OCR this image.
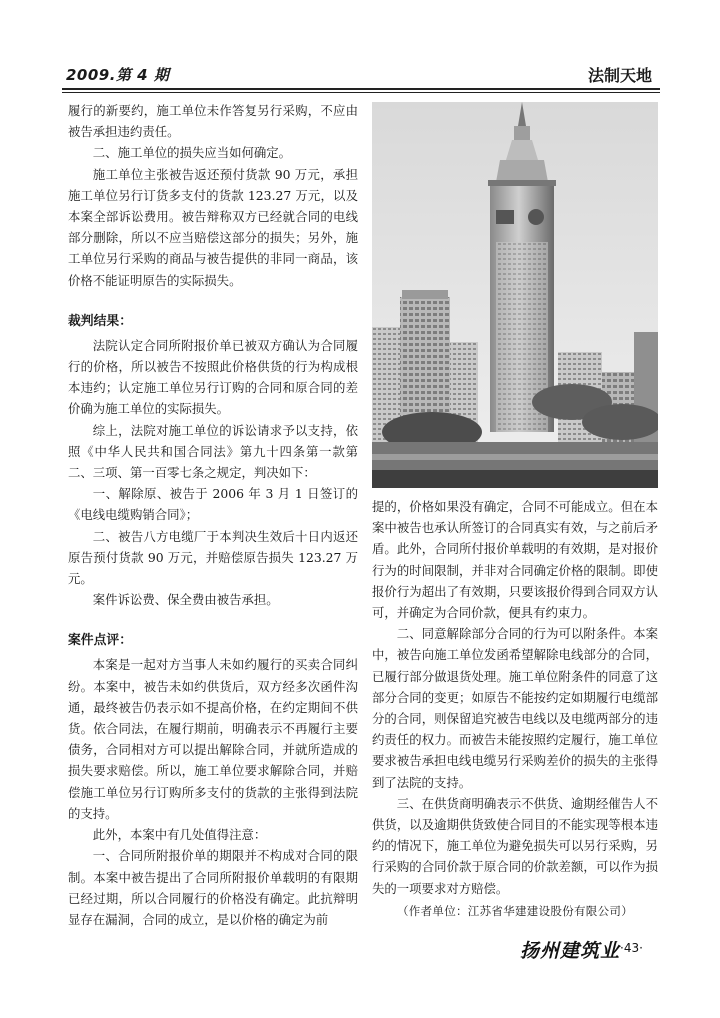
2009.第 4 期	法制天地

履行的新要约，施工单位未作答复另行采购，不应由被告承担违约责任。

二、施工单位的损失应当如何确定。

施工单位主张被告返还预付货款 90 万元，承担施工单位另行订货多支付的货款 123.27 万元，以及本案全部诉讼费用。被告辩称双方已经就合同的电线部分删除，所以不应当赔偿这部分的损失；另外，施工单位另行采购的商品与被告提供的非同一商品，该价格不能证明原告的实际损失。

裁判结果：

法院认定合同所附报价单已被双方确认为合同履行的价格，所以被告不按照此价格供货的行为构成根本违约；认定施工单位另行订购的合同和原合同的差价确为施工单位的实际损失。

综上，法院对施工单位的诉讼请求予以支持，依照《中华人民共和国合同法》第九十四条第一款第二、三项、第一百零七条之规定，判决如下：

一、解除原、被告于 2006 年 3 月 1 日签订的《电线电缆购销合同》；

二、被告八方电缆厂于本判决生效后十日内返还原告预付货款 90 万元，并赔偿原告损失 123.27 万元。

案件诉讼费、保全费由被告承担。

案件点评：

本案是一起对方当事人未如约履行的买卖合同纠纷。本案中，被告未如约供货后，双方经多次函件沟通，最终被告仍表示如不提高价格，在约定期间不供货。依合同法，在履行期前，明确表示不再履行主要债务，合同相对方可以提出解除合同，并就所造成的损失要求赔偿。所以，施工单位要求解除合同，并赔偿施工单位另行订购所多支付的货款的主张得到法院的支持。

此外，本案中有几处值得注意：

一、合同所附报价单的期限并不构成对合同的限制。本案中被告提出了合同所附报价单载明的有限期已经过期，所以合同履行的价格没有确定。此抗辩明显存在漏洞，合同的成立，是以价格的确定为前

提的，价格如果没有确定，合同不可能成立。但在本案中被告也承认所签订的合同真实有效，与之前后矛盾。此外，合同所付报价单载明的有效期，是对报价行为的时间限制，并非对合同确定价格的限制。即使报价行为超出了有效期，只要该报价得到合同双方认可，并确定为合同价款，便具有约束力。

二、同意解除部分合同的行为可以附条件。本案中，被告向施工单位发函希望解除电线部分的合同，已履行部分做退货处理。施工单位附条件的同意了这部分合同的变更；如原告不能按约定如期履行电缆部分的合同，则保留追究被告电线以及电缆两部分的违约责任的权力。而被告未能按照约定履行，施工单位要求被告承担电线电缆另行采购差价的损失的主张得到了法院的支持。

三、在供货商明确表示不供货、逾期经催告人不供货，以及逾期供货致使合同目的不能实现等根本违约的情况下，施工单位为避免损失可以另行采购，另行采购的合同价款于原合同的价款差额，可以作为损失的一项要求对方赔偿。

（作者单位：江苏省华建建设股份有限公司）

扬州建筑业 ·43·
